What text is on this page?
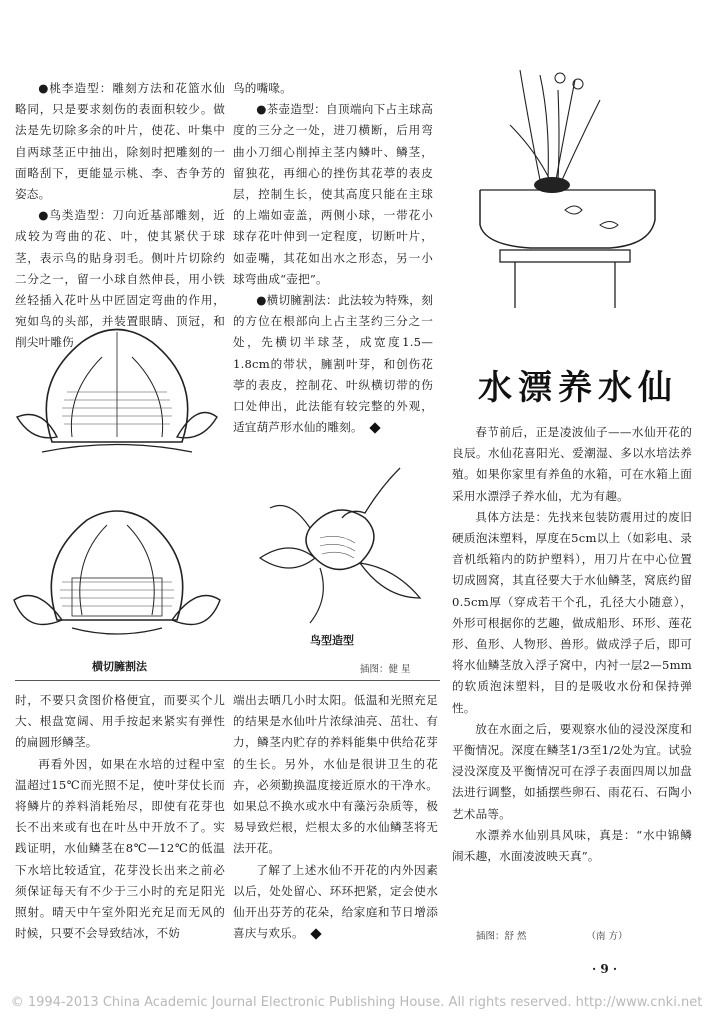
●桃李造型：雕刻方法和花篮水仙略同，只是要求刻伤的表面积较少。做法是先切除多余的叶片，使花、叶集中自两球茎正中抽出，除刻时把雕刻的一面略刮下，更能显示桃、李、杏争芳的姿态。

●鸟类造型：刀向近基部雕刻，近成较为弯曲的花、叶，使其紧伏于球茎，表示鸟的貼身羽毛。侧叶片切除约二分之一，留一小球自然伸長，用小铁丝轻插入花叶丛中匠固定弯曲的作用，宛如鸟的头部，并装置眼睛、顶冠，和削尖叶雕伤

鸟的嘴喙。

●茶壶造型：自顶端向下占主球高度的三分之一处，进刀横断，后用弯曲小刀细心削掉主茎内鳞叶、鳞茎，留独花，再细心的挫伤其花葶的表皮层，控制生长，使其高度只能在主球的上端如壶盖，两侧小球，一带花小球存花叶伸到一定程度，切断叶片，如壶嘴，其花如出水之形态，另一小球弯曲成“壶把”。

●横切臃割法：此法较为特殊，刻的方位在根部向上占主茎约三分之一处，先横切半球茎，成宽度1.5—1.8cm的带状，臃割叶芽，和创伤花葶的表皮，控制花、叶纵横切带的伤口处伸出，此法能有较完整的外观，适宜葫芦形水仙的雕刻。

横切臃割法
鸟型造型
水漂养水仙

春节前后，正是凌波仙子——水仙开花的良辰。水仙花喜阳光、爱潮湿、多以水培法养殖。如果你家里有养鱼的水箱，可在水箱上面采用水漂浮子养水仙，尤为有趣。

具体方法是：先找来包装防震用过的废旧硬质泡沫塑料，厚度在5cm以上（如彩电、录音机纸箱内的防护塑料），用刀片在中心位置切成圆窝，其直径要大于水仙鳞茎，窝底约留0.5cm厚（穿成若干个孔，孔径大小随意），外形可根据你的艺趣，做成船形、环形、莲花形、鱼形、人物形、兽形。做成浮子后，即可将水仙鳞茎放入浮子窝中，内衬一层2—5mm的软质泡沫塑料，目的是吸收水份和保持弹性。

放在水面之后，要观察水仙的浸没深度和平衡情况。深度在鳞茎1/3至1/2处为宜。试验浸没深度及平衡情况可在浮子表面四周以加盘法进行调整，如插摆些卵石、雨花石、石陶小艺术品等。

水漂养水仙别具风味，真是：“水中锦鳞闹禾趣，水面凌波映天真”。

插图：舒 然	（南 方）
插图：健 星

时，不要只贪图价格便宜，而要买个儿大、根盘宽阔、用手按起来紧实有弹性的扁圆形鳞茎。

再看外因，如果在水培的过程中室温超过15℃而光照不足，使叶芽仗长而将鳞片的养料消耗殆尽，即使有花芽也长不出来或有也在叶丛中开放不了。实践证明，水仙鳞茎在8℃—12℃的低温下水培比较适宜，花芽没长出来之前必须保证每天有不少于三小时的充足阳光照射。晴天中午室外阳光充足而无风的时候，只要不会导致结冰，不妨

端出去晒几小时太阳。低温和光照充足的结果是水仙叶片浓绿油亮、茁壮、有力，鳞茎内贮存的养料能集中供给花芽的生长。另外，水仙是很讲卫生的花卉，必须勤换温度接近原水的干净水。如果总不换水或水中有藻污杂质等，极易导致烂根，烂根太多的水仙鳞茎将无法开花。

了解了上述水仙不开花的内外因素以后，处处留心、环环把紧，定会使水仙开出芬芳的花朵，给家庭和节日增添喜庆与欢乐。

· 9 ·
© 1994-2013 China Academic Journal Electronic Publishing House. All rights reserved. http://www.cnki.net
